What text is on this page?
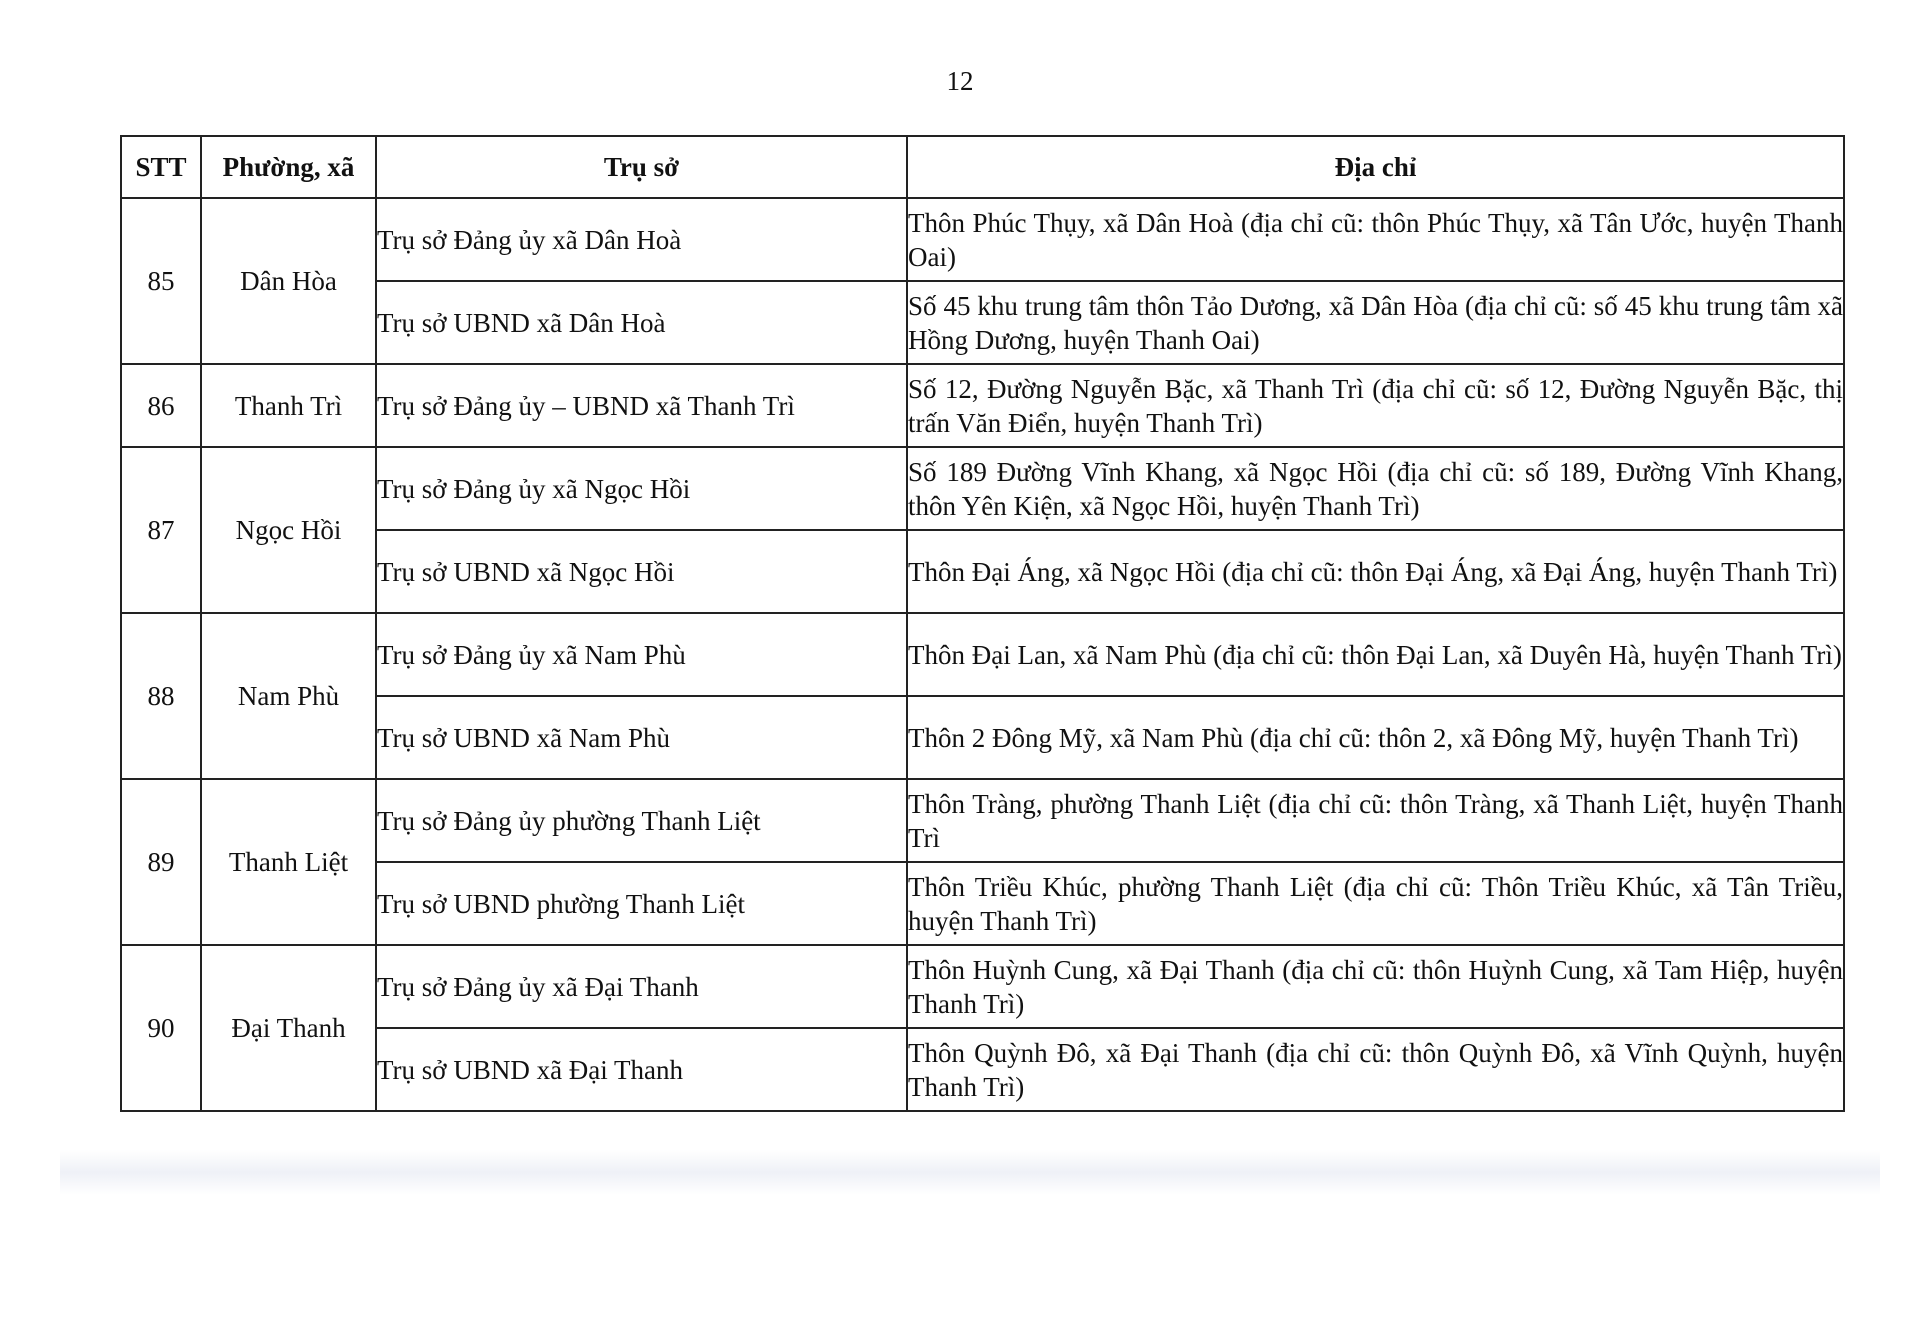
12
STT	Phường, xã	Trụ sở	Địa chỉ
85	Dân Hòa	Trụ sở Đảng ủy xã Dân Hoà	Thôn Phúc Thụy, xã Dân Hoà (địa chỉ cũ: thôn Phúc Thụy, xã Tân Ước, huyện Thanh Oai)
		Trụ sở UBND xã Dân Hoà	Số 45 khu trung tâm thôn Tảo Dương, xã Dân Hòa (địa chỉ cũ: số 45 khu trung tâm xã Hồng Dương, huyện Thanh Oai)
86	Thanh Trì	Trụ sở Đảng ủy – UBND xã Thanh Trì	Số 12, Đường Nguyễn Bặc, xã Thanh Trì (địa chỉ cũ: số 12, Đường Nguyễn Bặc, thị trấn Văn Điển, huyện Thanh Trì)
87	Ngọc Hồi	Trụ sở Đảng ủy xã Ngọc Hồi	Số 189 Đường Vĩnh Khang, xã Ngọc Hồi (địa chỉ cũ: số 189, Đường Vĩnh Khang, thôn Yên Kiện, xã Ngọc Hồi, huyện Thanh Trì)
		Trụ sở UBND xã Ngọc Hồi	Thôn Đại Áng, xã Ngọc Hồi (địa chỉ cũ: thôn Đại Áng, xã Đại Áng, huyện Thanh Trì)
88	Nam Phù	Trụ sở Đảng ủy xã Nam Phù	Thôn Đại Lan, xã Nam Phù (địa chỉ cũ: thôn Đại Lan, xã Duyên Hà, huyện Thanh Trì)
		Trụ sở UBND xã Nam Phù	Thôn 2 Đông Mỹ, xã Nam Phù (địa chỉ cũ: thôn 2, xã Đông Mỹ, huyện Thanh Trì)
89	Thanh Liệt	Trụ sở Đảng ủy phường Thanh Liệt	Thôn Tràng, phường Thanh Liệt (địa chỉ cũ: thôn Tràng, xã Thanh Liệt, huyện Thanh Trì
		Trụ sở UBND phường Thanh Liệt	Thôn Triều Khúc, phường Thanh Liệt (địa chỉ cũ: Thôn Triều Khúc, xã Tân Triều, huyện Thanh Trì)
90	Đại Thanh	Trụ sở Đảng ủy xã Đại Thanh	Thôn Huỳnh Cung, xã Đại Thanh (địa chỉ cũ: thôn Huỳnh Cung, xã Tam Hiệp, huyện Thanh Trì)
		Trụ sở UBND xã Đại Thanh	Thôn Quỳnh Đô, xã Đại Thanh (địa chỉ cũ: thôn Quỳnh Đô, xã Vĩnh Quỳnh, huyện Thanh Trì)
